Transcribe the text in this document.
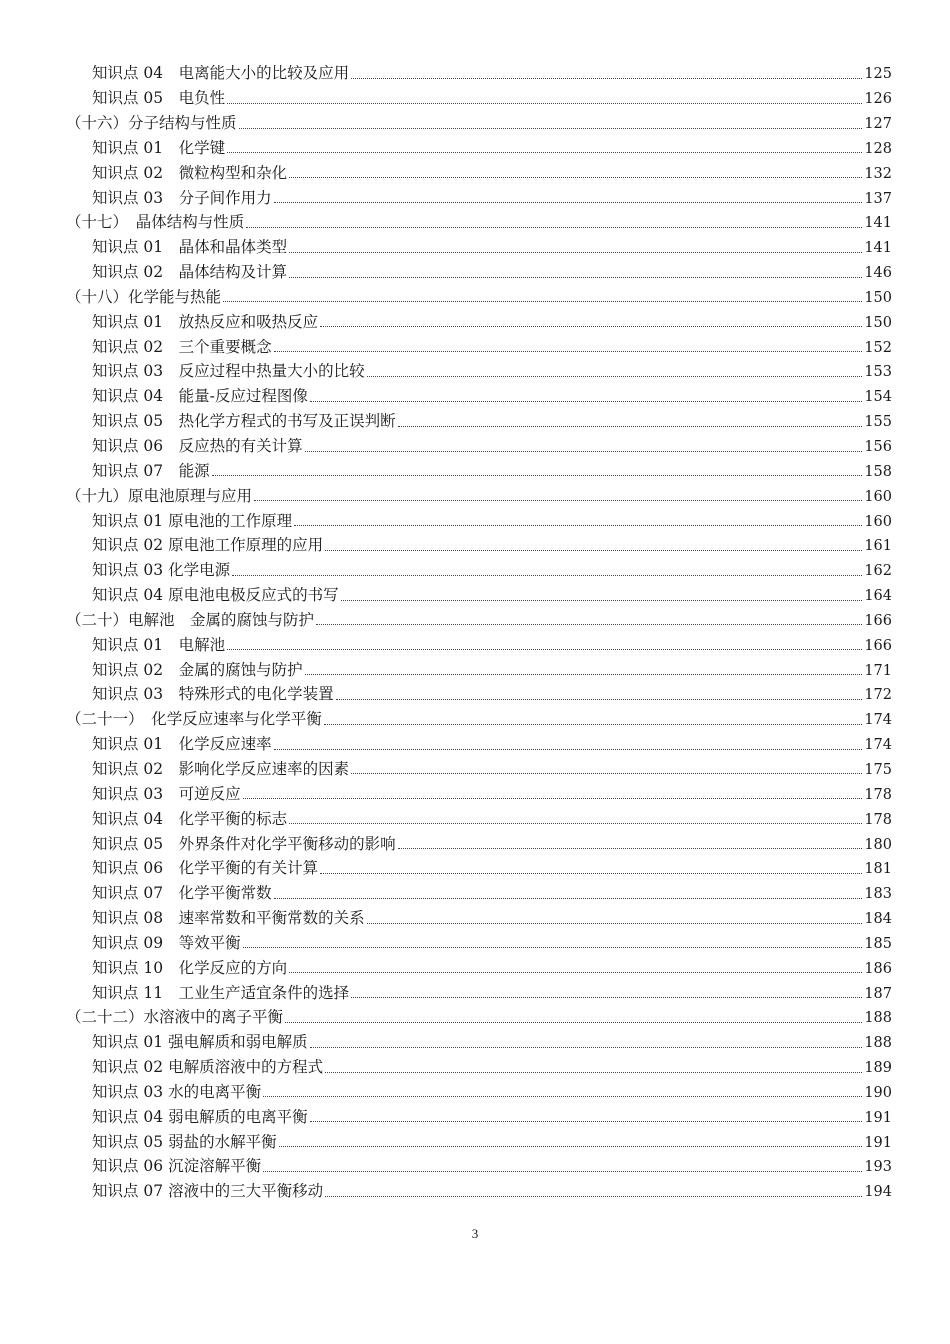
知识点 04　电离能大小的比较及应用	125
知识点 05　电负性	126
（十六）分子结构与性质	127
知识点 01　化学键	128
知识点 02　微粒构型和杂化	132
知识点 03　分子间作用力	137
（十七）　晶体结构与性质	141
知识点 01　晶体和晶体类型	141
知识点 02　晶体结构及计算	146
（十八）化学能与热能	150
知识点 01　放热反应和吸热反应	150
知识点 02　三个重要概念	152
知识点 03　反应过程中热量大小的比较	153
知识点 04　能量-反应过程图像	154
知识点 05　热化学方程式的书写及正误判断	155
知识点 06　反应热的有关计算	156
知识点 07　能源	158
（十九）原电池原理与应用	160
知识点 01 原电池的工作原理	160
知识点 02 原电池工作原理的应用	161
知识点 03 化学电源	162
知识点 04 原电池电极反应式的书写	164
（二十）电解池　金属的腐蚀与防护	166
知识点 01　电解池	166
知识点 02　金属的腐蚀与防护	171
知识点 03　特殊形式的电化学装置	172
（二十一）　化学反应速率与化学平衡	174
知识点 01　化学反应速率	174
知识点 02　影响化学反应速率的因素	175
知识点 03　可逆反应	178
知识点 04　化学平衡的标志	178
知识点 05　外界条件对化学平衡移动的影响	180
知识点 06　化学平衡的有关计算	181
知识点 07　化学平衡常数	183
知识点 08　速率常数和平衡常数的关系	184
知识点 09　等效平衡	185
知识点 10　化学反应的方向	186
知识点 11　工业生产适宜条件的选择	187
（二十二）水溶液中的离子平衡	188
知识点 01 强电解质和弱电解质	188
知识点 02 电解质溶液中的方程式	189
知识点 03 水的电离平衡	190
知识点 04 弱电解质的电离平衡	191
知识点 05 弱盐的水解平衡	191
知识点 06 沉淀溶解平衡	193
知识点 07 溶液中的三大平衡移动	194
3
